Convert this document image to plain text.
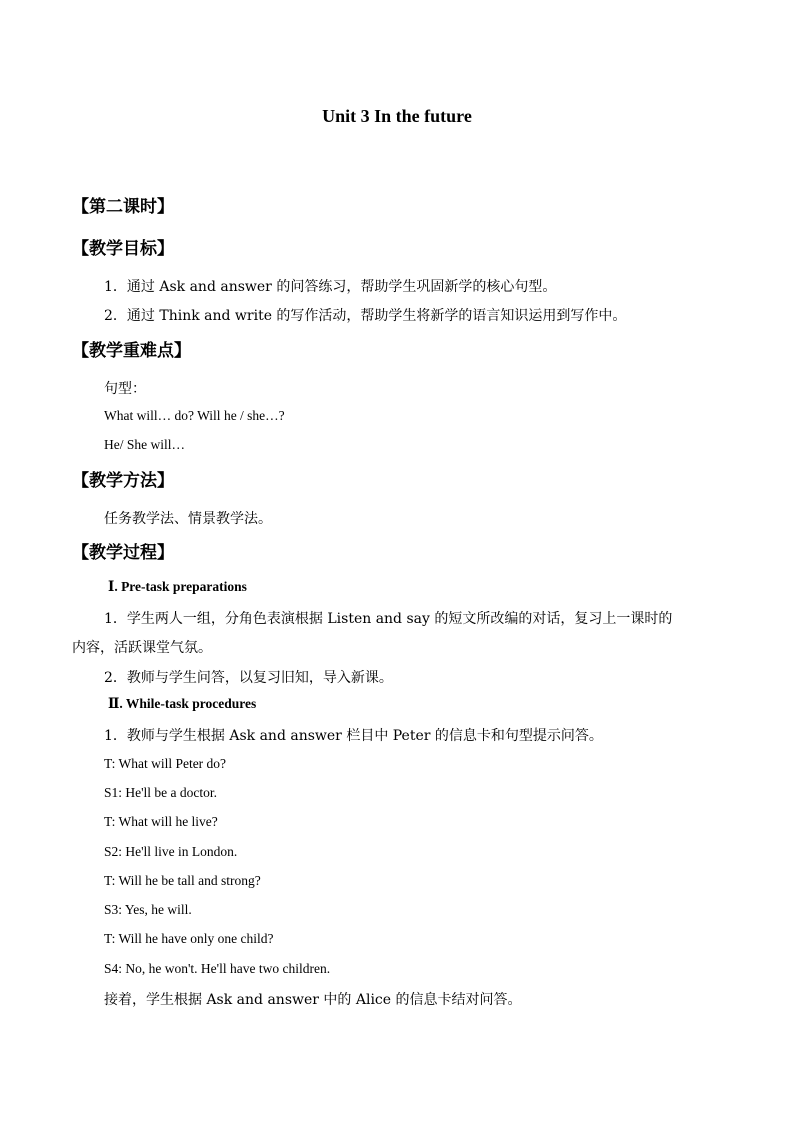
Unit 3 In the future
【第二课时】
【教学目标】
1．通过 Ask and answer 的问答练习，帮助学生巩固新学的核心句型。
2．通过 Think and write 的写作活动，帮助学生将新学的语言知识运用到写作中。
【教学重难点】
句型：
What will… do? Will he / she…?
He/ She will…
【教学方法】
任务教学法、情景教学法。
【教学过程】
Ⅰ. Pre-task preparations
1．学生两人一组，分角色表演根据 Listen and say 的短文所改编的对话，复习上一课时的
内容，活跃课堂气氛。
2．教师与学生问答，以复习旧知，导入新课。
Ⅱ. While-task procedures
1．教师与学生根据 Ask and answer 栏目中 Peter 的信息卡和句型提示问答。
T: What will Peter do?
S1: He'll be a doctor.
T: What will he live?
S2: He'll live in London.
T: Will he be tall and strong?
S3: Yes, he will.
T: Will he have only one child?
S4: No, he won't. He'll have two children.
接着，学生根据 Ask and answer 中的 Alice 的信息卡结对问答。
